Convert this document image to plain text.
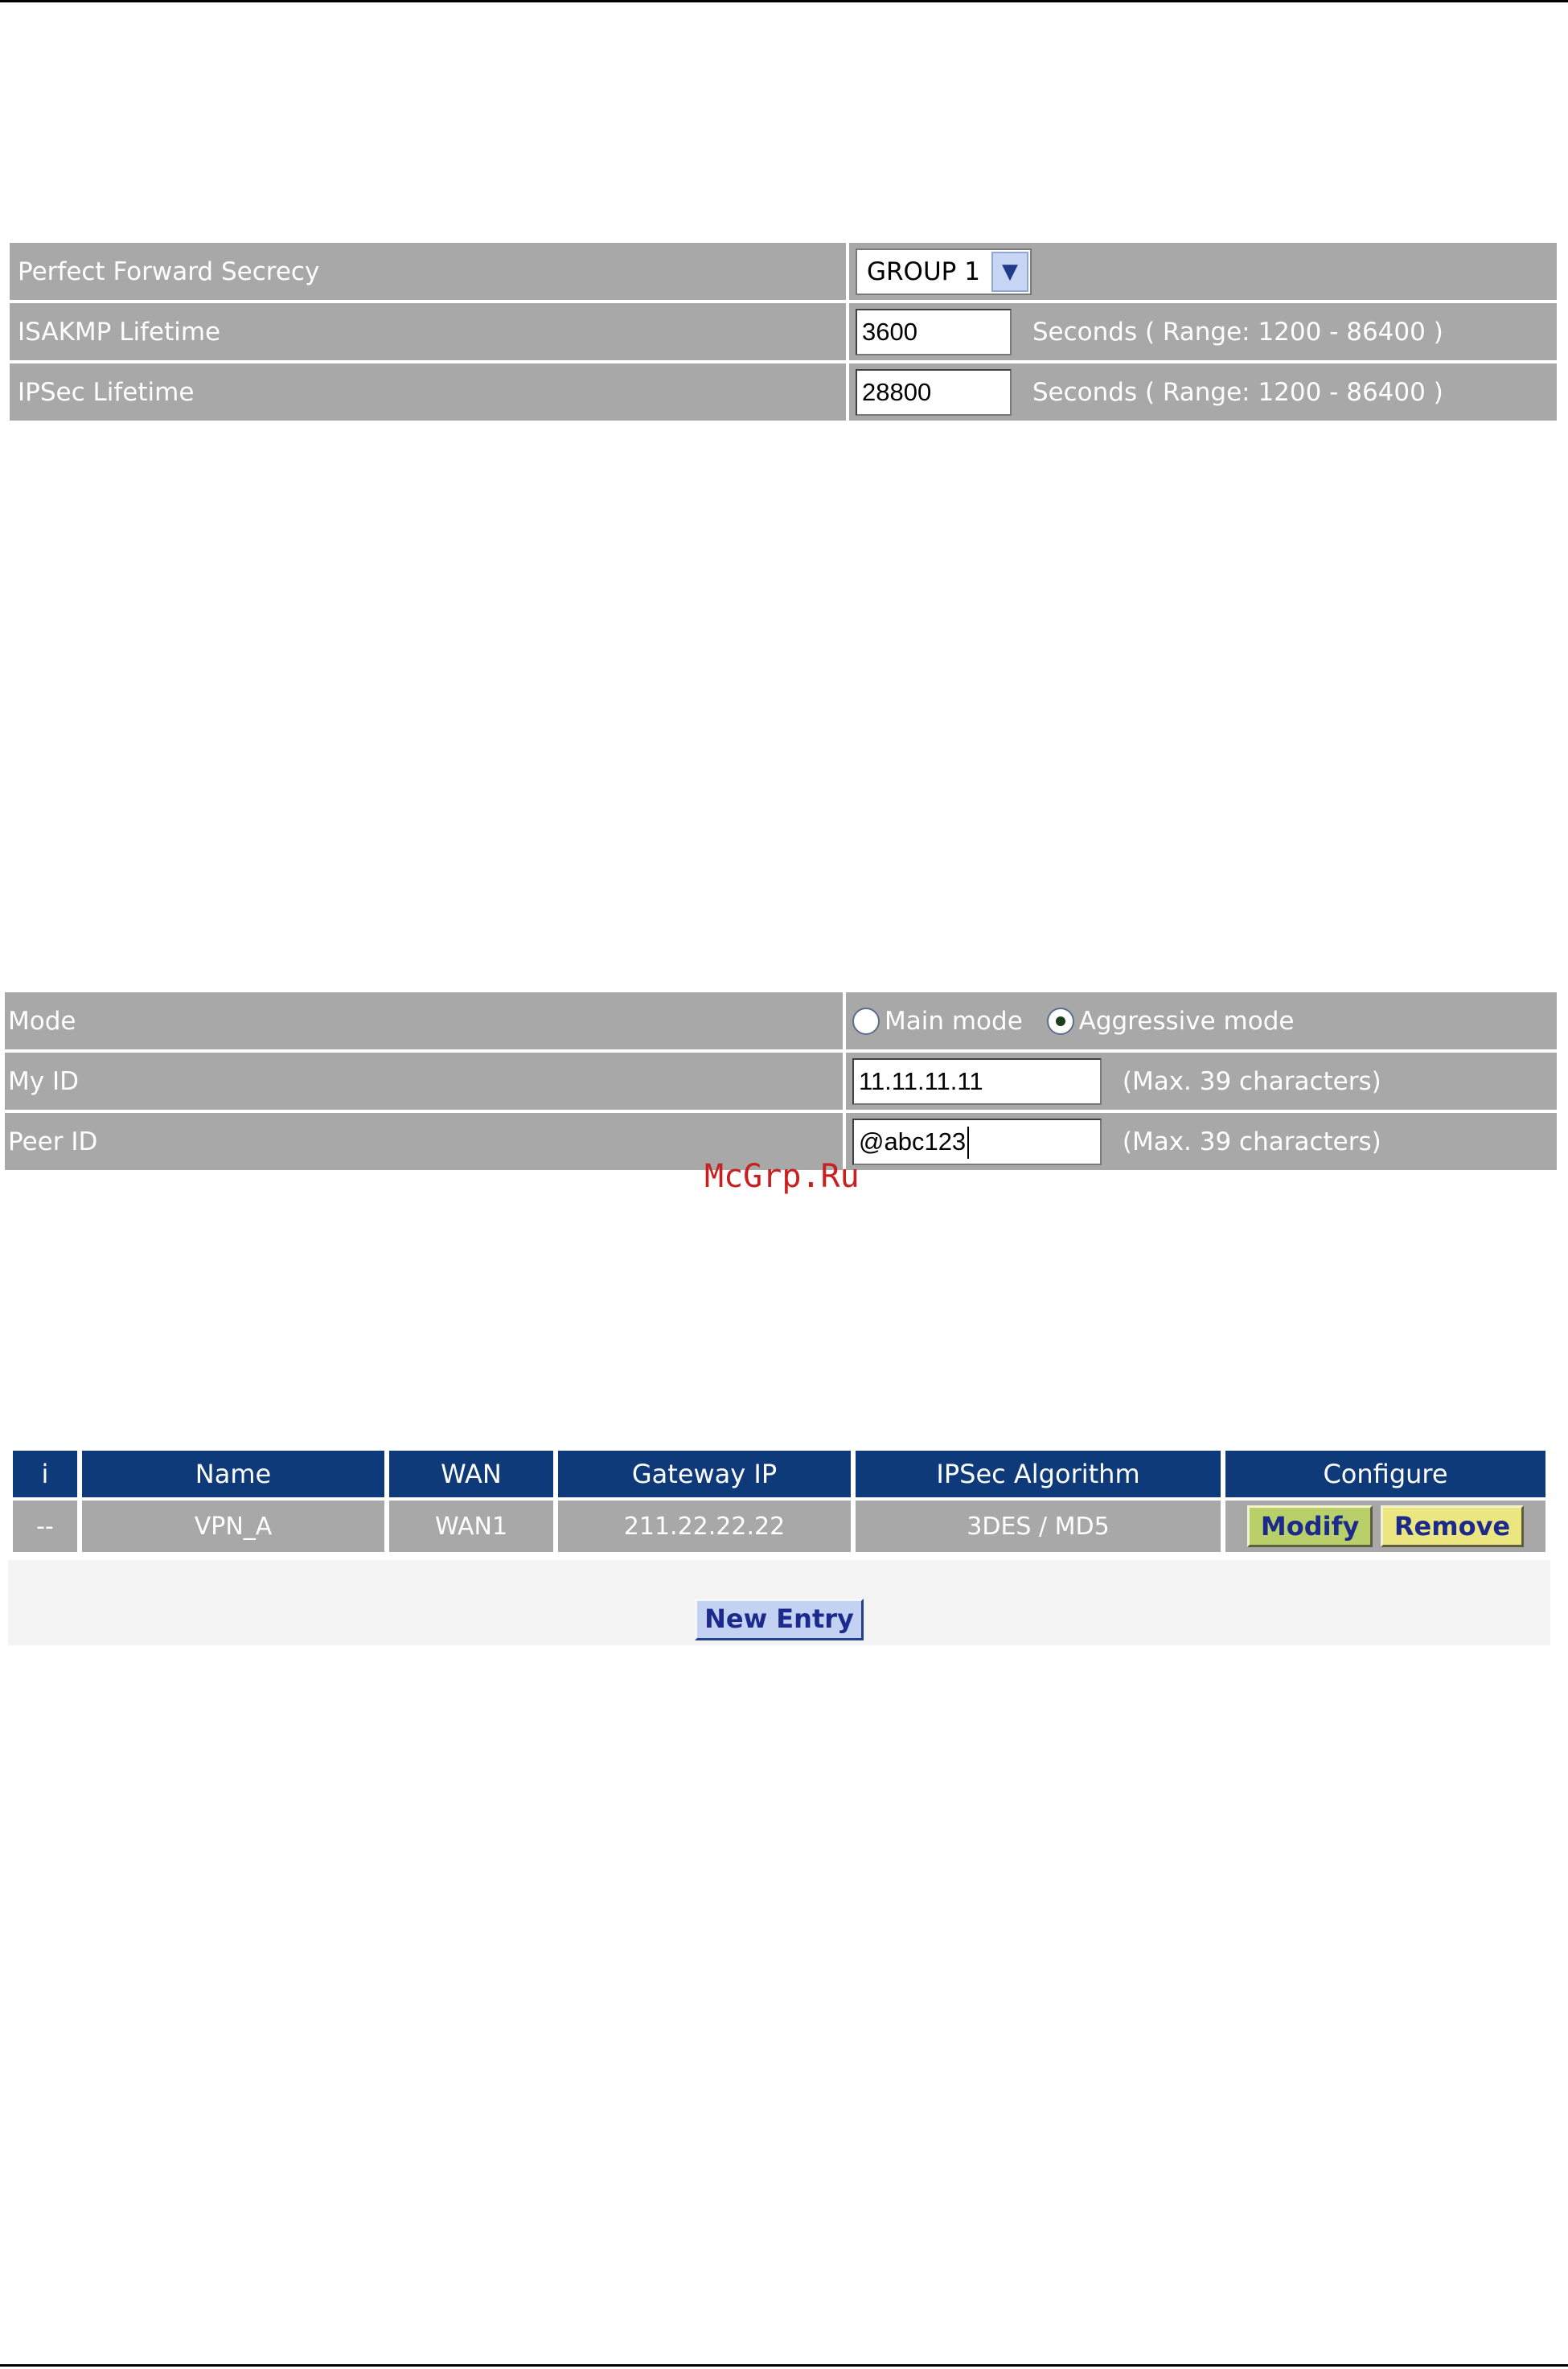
Perfect Forward Secrecy	GROUP 1 ▼

ISAKMP Lifetime	3600 Seconds ( Range: 1200 - 86400 )
IPSec Lifetime	28800 Seconds ( Range: 1200 - 86400 )
Mode	Main mode Aggressive mode
My ID	11.11.11.11 (Max. 39 characters)
Peer ID	@abc123 (Max. 39 characters)
McGrp.Ru
i	Name	WAN	Gateway IP	IPSec Algorithm	Configure
--	VPN_A	WAN1	211.22.22.22	3DES / MD5	Modify Remove
New Entry
